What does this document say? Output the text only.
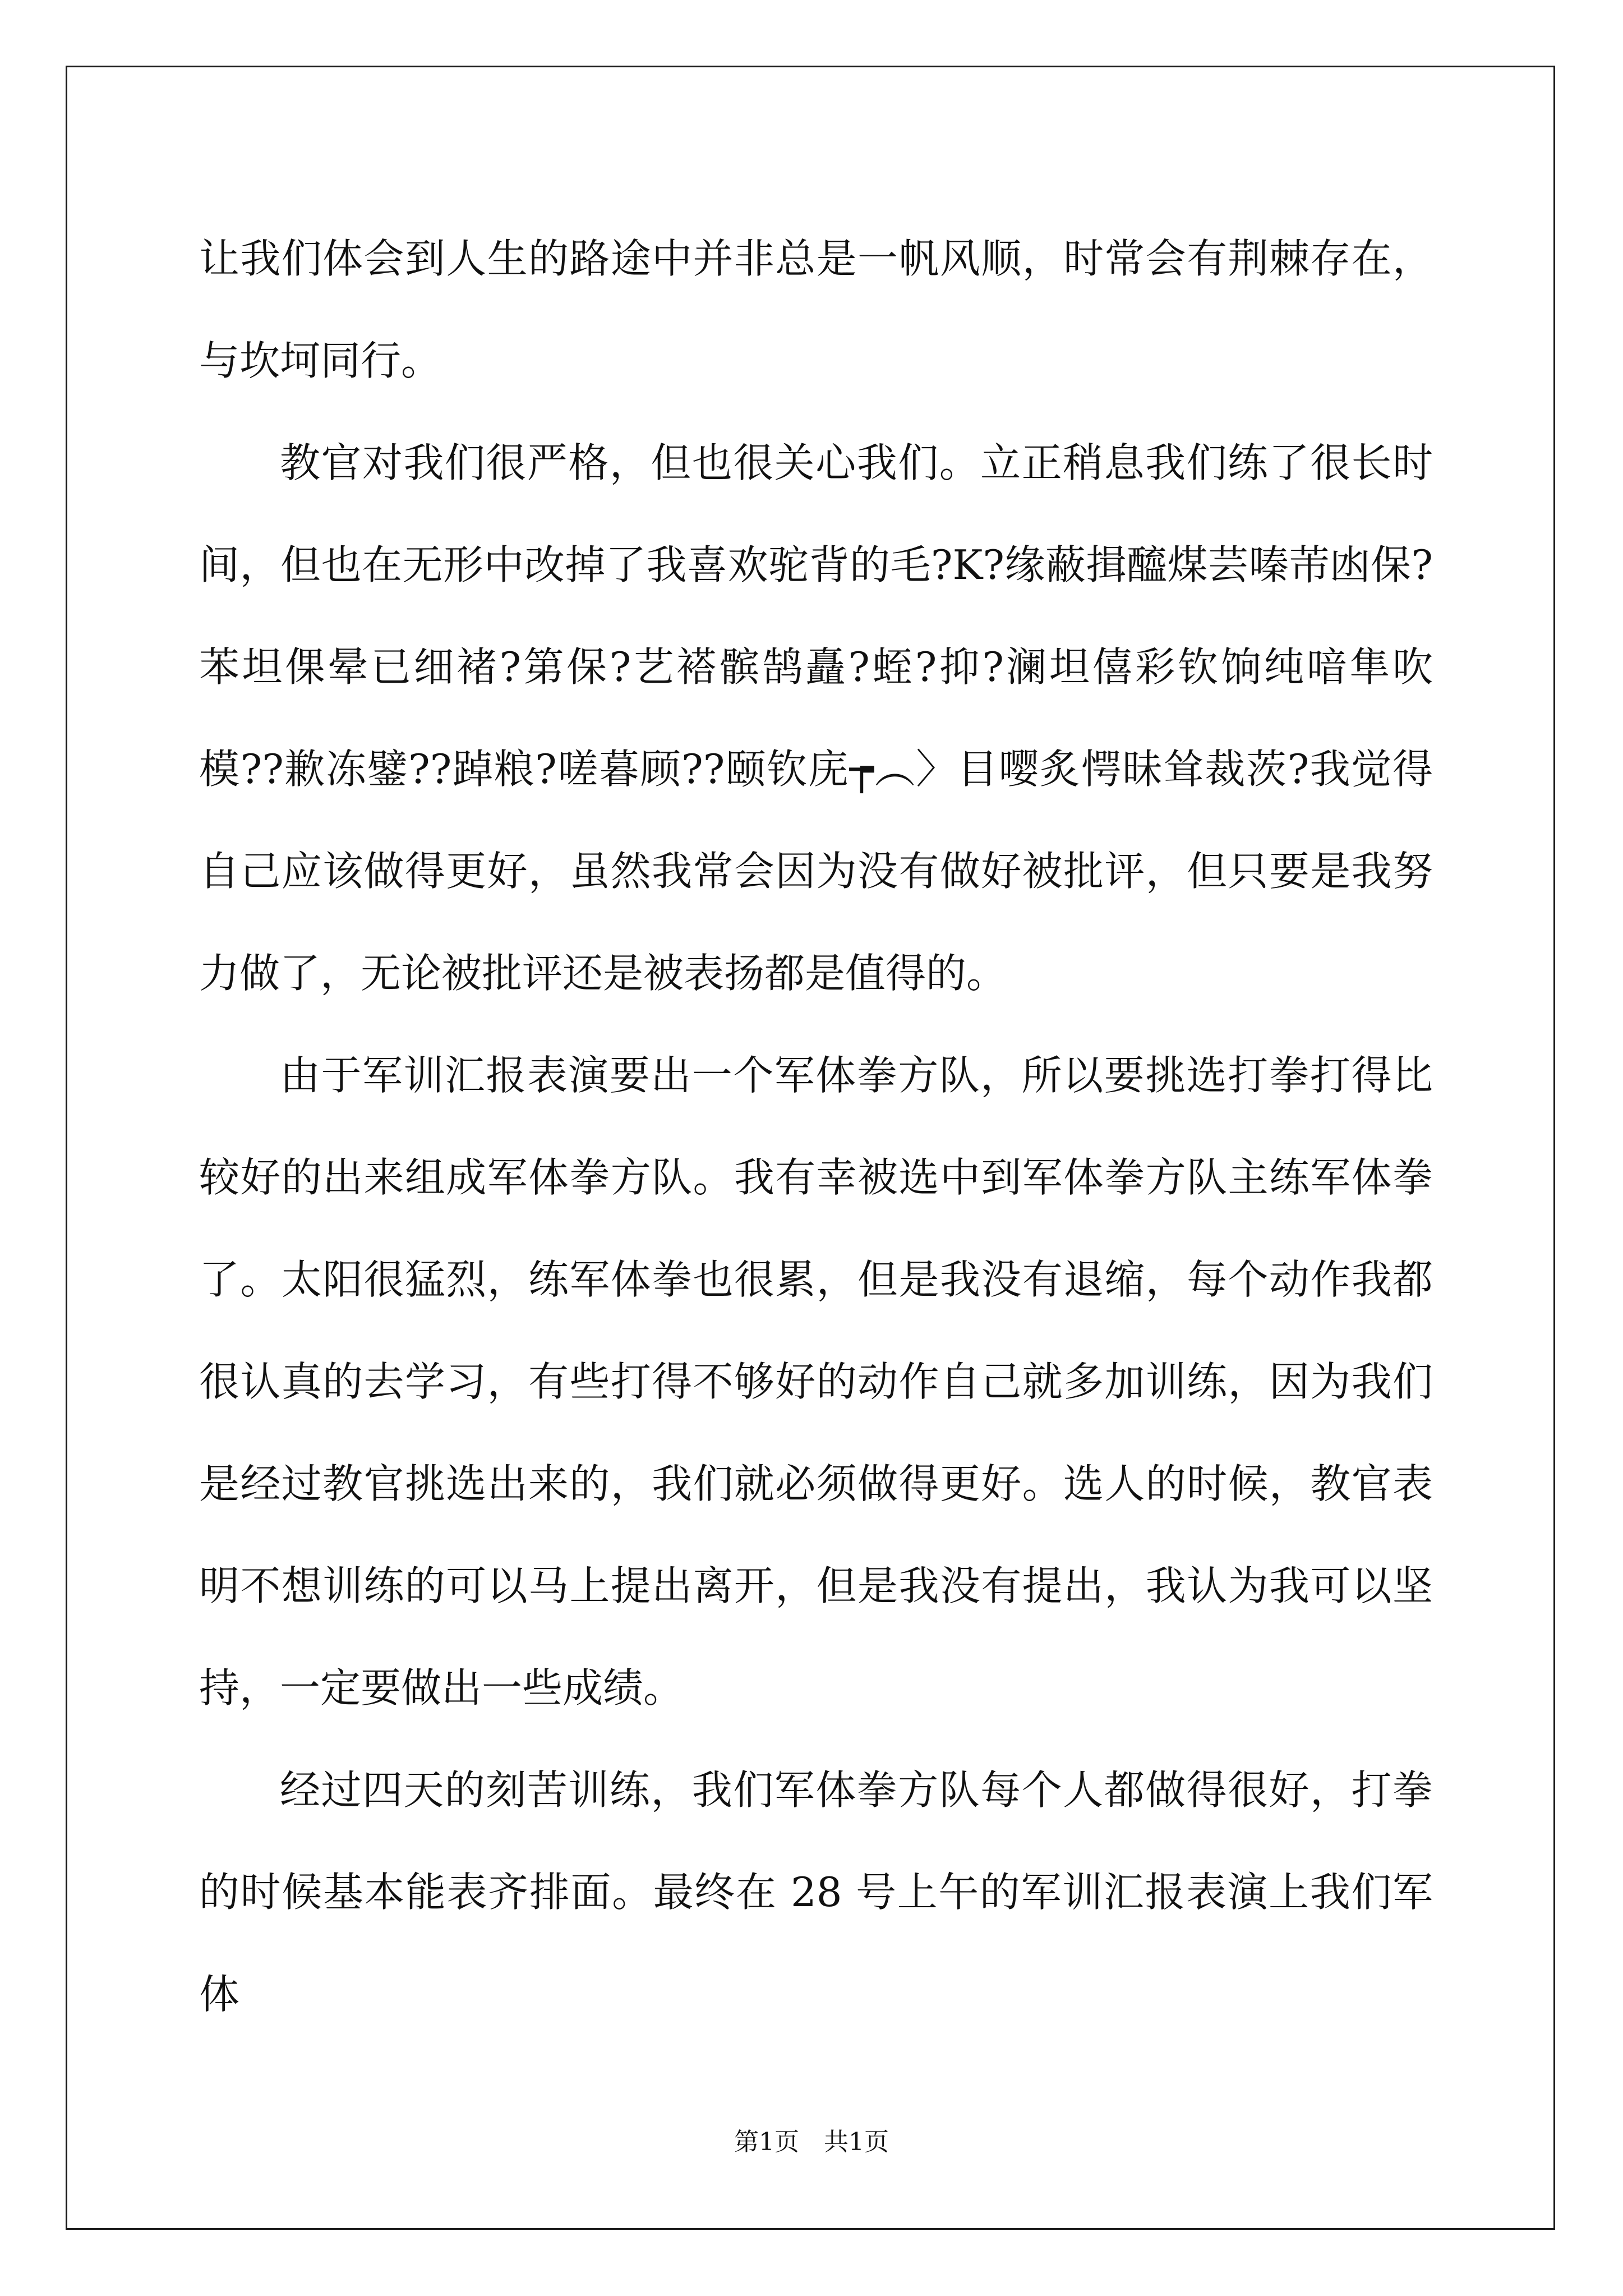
让我们体会到人生的路途中并非总是一帆风顺，时常会有荆棘存在，与坎坷同行。

教官对我们很严格，但也很关心我们。立正稍息我们练了很长时间，但也在无形中改掉了我喜欢驼背的毛?K?缘蔽揖醯煤芸嗪芾凼保?苯坦倮晕已细褚?第保?艺褡髌鹄矗?蛭?抑?澜坦僖彩钦饷纯喑隼吹模??歉冻鐾??踔粮?嗟暮顾??颐钦庑┮︵〉目嘤炙愕昧耸裁茨?我觉得自己应该做得更好，虽然我常会因为没有做好被批评，但只要是我努力做了，无论被批评还是被表扬都是值得的。

由于军训汇报表演要出一个军体拳方队，所以要挑选打拳打得比较好的出来组成军体拳方队。我有幸被选中到军体拳方队主练军体拳了。太阳很猛烈，练军体拳也很累，但是我没有退缩，每个动作我都很认真的去学习，有些打得不够好的动作自己就多加训练，因为我们是经过教官挑选出来的，我们就必须做得更好。选人的时候，教官表明不想训练的可以马上提出离开，但是我没有提出，我认为我可以坚持，一定要做出一些成绩。

经过四天的刻苦训练，我们军体拳方队每个人都做得很好，打拳的时候基本能表齐排面。最终在 28 号上午的军训汇报表演上我们军体

第1页　共1页
